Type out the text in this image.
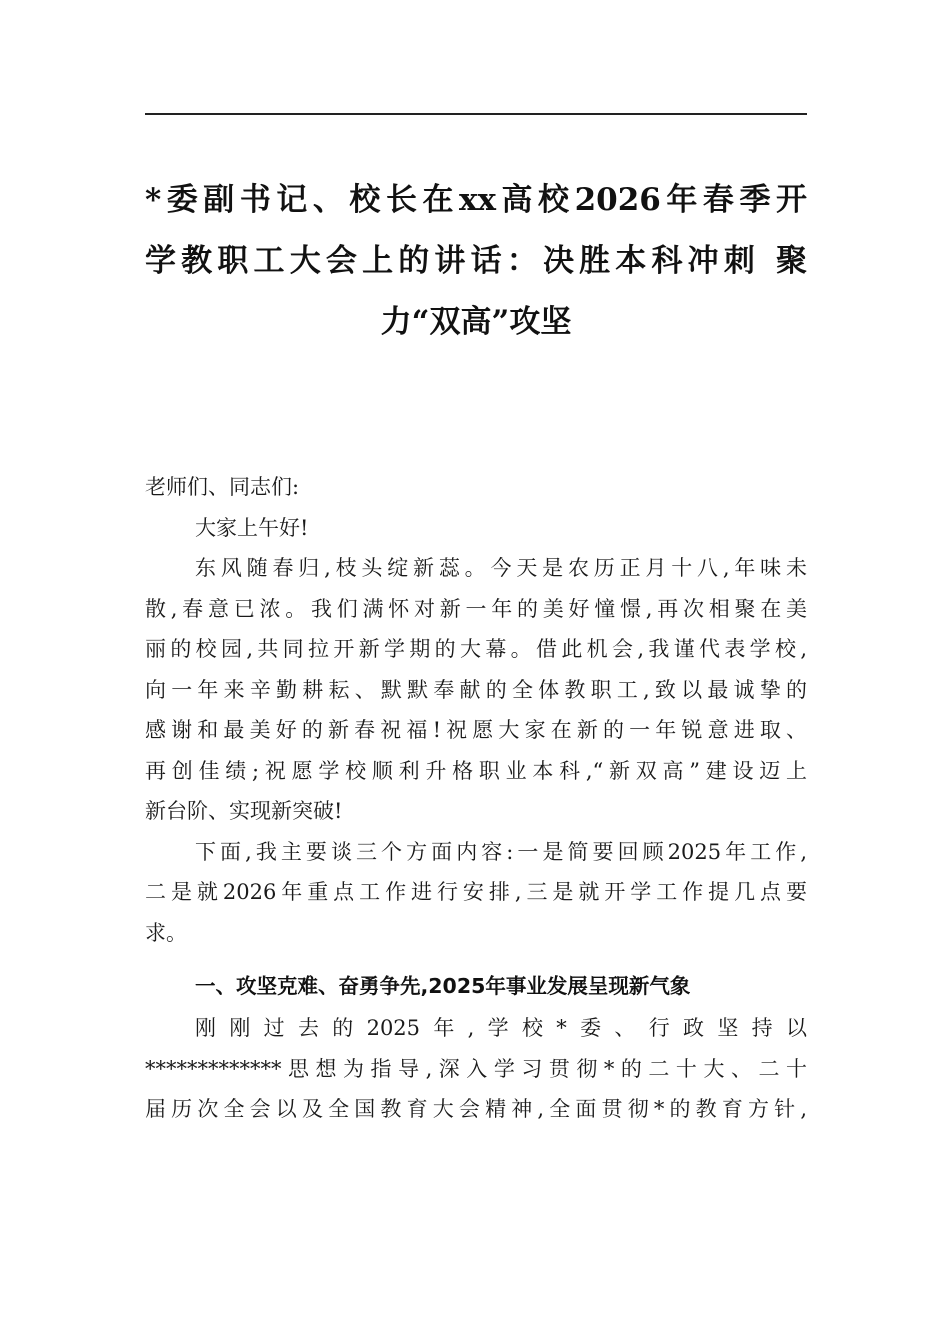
*委副书记、校长在xx高校2026年春季开
学教职工大会上的讲话：决胜本科冲刺 聚
力“双高”攻坚
老师们、同志们:
大家上午好!
东风随春归,枝头绽新蕊。今天是农历正月十八,年味未
散,春意已浓。我们满怀对新一年的美好憧憬,再次相聚在美
丽的校园,共同拉开新学期的大幕。借此机会,我谨代表学校,
向一年来辛勤耕耘、默默奉献的全体教职工,致以最诚挚的
感谢和最美好的新春祝福!祝愿大家在新的一年锐意进取、
再创佳绩;祝愿学校顺利升格职业本科,“新双高”建设迈上
新台阶、实现新突破!
下面,我主要谈三个方面内容:一是简要回顾2025年工作,
二是就2026年重点工作进行安排,三是就开学工作提几点要
求。
一、攻坚克难、奋勇争先,2025年事业发展呈现新气象
刚刚过去的2025年,学校*委、行政坚持以
*************思想为指导,深入学习贯彻*的二十大、二十
届历次全会以及全国教育大会精神,全面贯彻*的教育方针,
